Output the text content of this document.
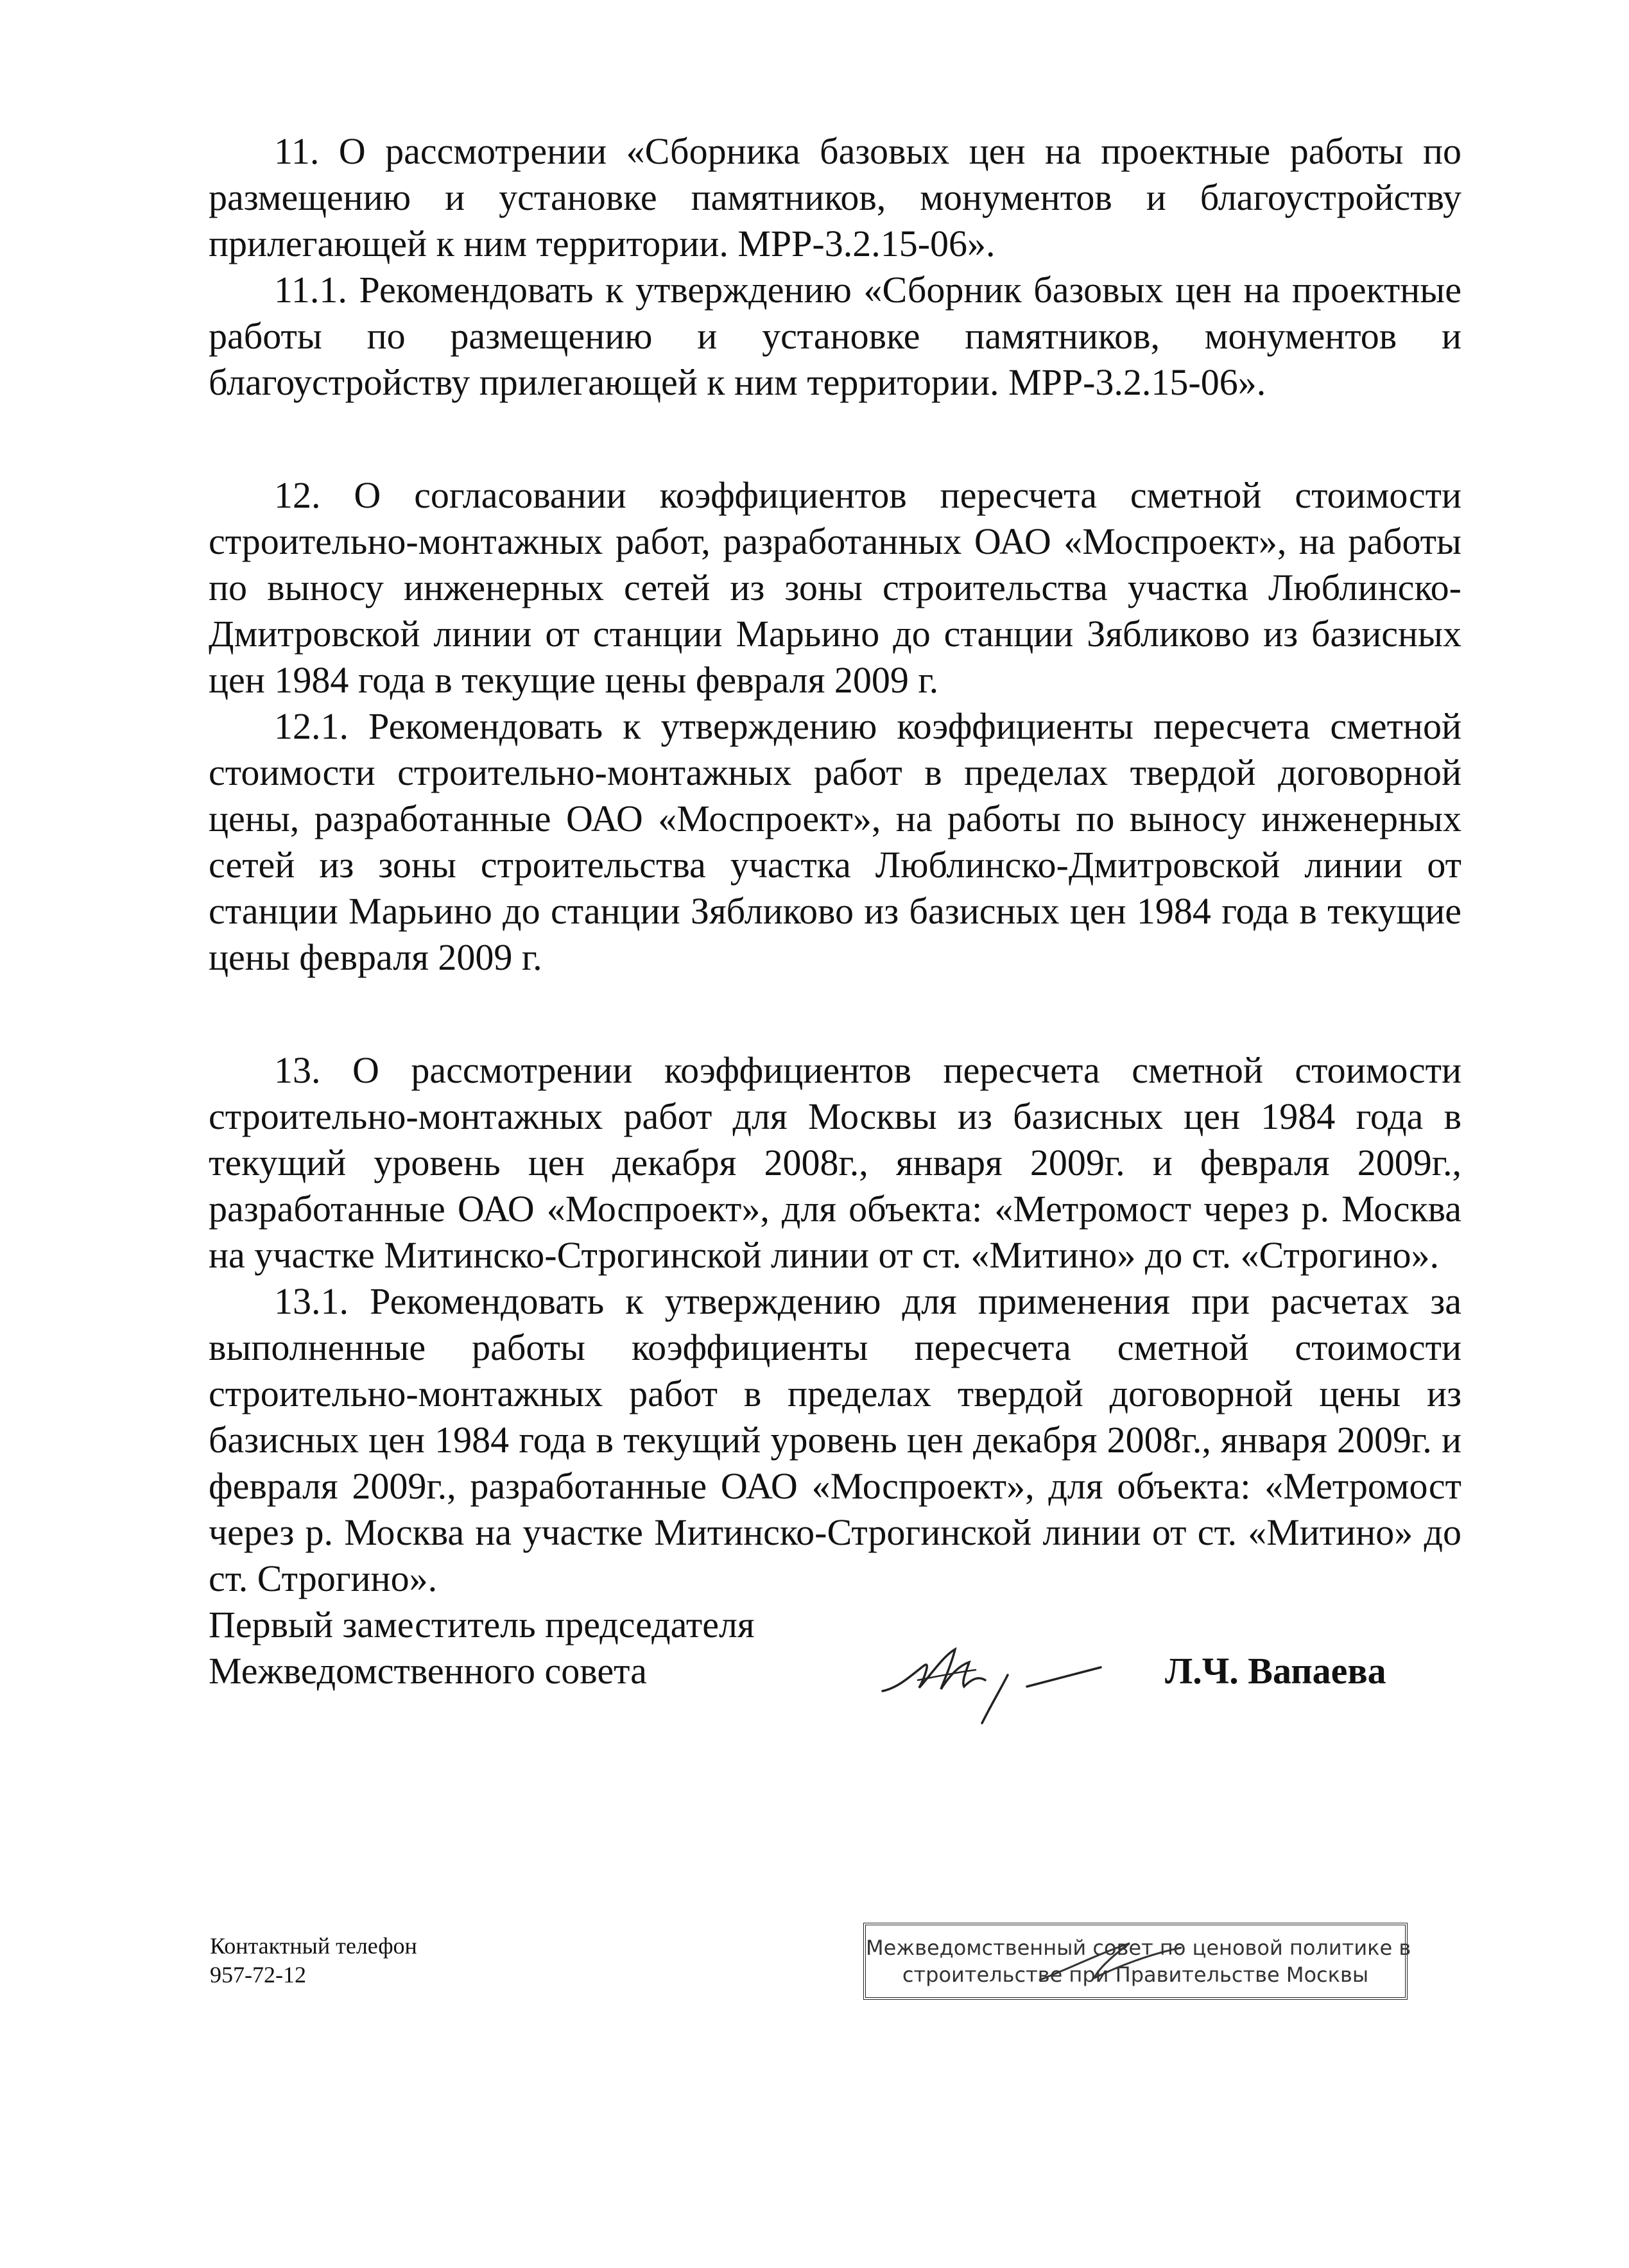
11. О рассмотрении «Сборника базовых цен на проектные работы по размещению и установке памятников, монументов и благоустройству прилегающей к ним территории. МРР-3.2.15-06».

11.1. Рекомендовать к утверждению «Сборник базовых цен на проектные работы по размещению и установке памятников, монументов и благоустройству прилегающей к ним территории. МРР-3.2.15-06».

12. О согласовании коэффициентов пересчета сметной стоимости строительно-монтажных работ, разработанных ОАО «Моспроект», на работы по выносу инженерных сетей из зоны строительства участка Люблинско-Дмитровской линии от станции Марьино до станции Зябликово из базисных цен 1984 года в текущие цены февраля 2009 г.

12.1. Рекомендовать к утверждению коэффициенты пересчета сметной стоимости строительно-монтажных работ в пределах твердой договорной цены, разработанные ОАО «Моспроект», на работы по выносу инженерных сетей из зоны строительства участка Люблинско-Дмитровской линии от станции Марьино до станции Зябликово из базисных цен 1984 года в текущие цены февраля 2009 г.

13. О рассмотрении коэффициентов пересчета сметной стоимости строительно-монтажных работ для Москвы из базисных цен 1984 года в текущий уровень цен декабря 2008г., января 2009г. и февраля 2009г., разработанные ОАО «Моспроект», для объекта: «Метромост через р. Москва на участке Митинско-Строгинской линии от ст. «Митино» до ст. «Строгино».

13.1. Рекомендовать к утверждению для применения при расчетах за выполненные работы коэффициенты пересчета сметной стоимости строительно-монтажных работ в пределах твердой договорной цены из базисных цен 1984 года в текущий уровень цен декабря 2008г., января 2009г. и февраля 2009г., разработанные ОАО «Моспроект», для объекта: «Метромост через р. Москва на участке Митинско-Строгинской линии от ст. «Митино» до ст. Строгино».

Первый заместитель председателя
Межведомственного совета	Л.Ч. Вапаева
Контактный телефон
957-72-12
Межведомственный совет по ценовой политике в
строительстве при Правительстве Москвы
